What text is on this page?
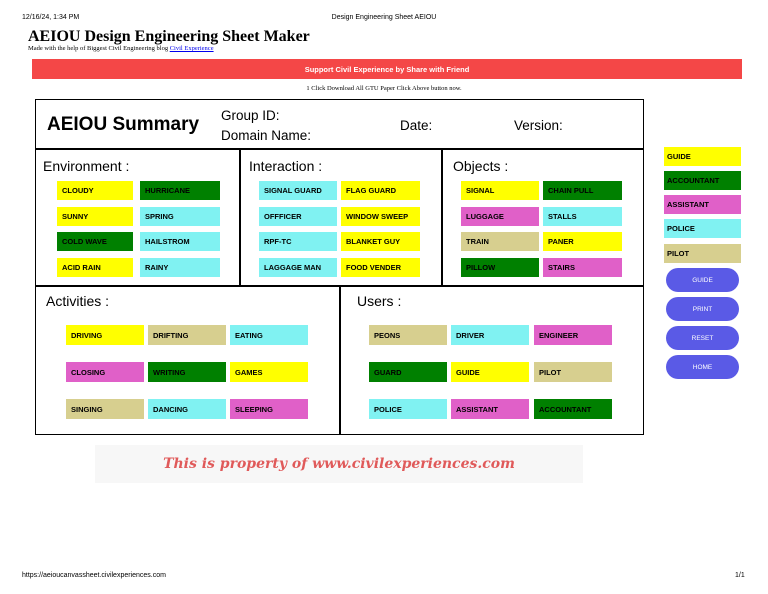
12/16/24, 1:34 PM	Design Engineering Sheet AEIOU
AEIOU Design Engineering Sheet Maker
Made with the help of Biggest Civil Engineering blog Civil Experience
Support Civil Experience by Share with Friend
1 Click Download All GTU Paper Click Above button now.
AEIOU Summary Group ID:
Domain Name:
Date:	Version:
Environment :	Interaction :	Objects :
Activities :	Users :
CLOUDY	HURRICANE
SUNNY	SPRING
COLD WAVE	HAILSTROM
ACID RAIN	RAINY
SIGNAL GUARD	FLAG GUARD
OFFFICER	WINDOW SWEEP
RPF-TC	BLANKET GUY
LAGGAGE MAN	FOOD VENDER
SIGNAL	CHAIN PULL
LUGGAGE	STALLS
TRAIN	PANER
PILLOW	STAIRS
DRIVING	DRIFTING	EATING
CLOSING	WRITING	GAMES
SINGING	DANCING	SLEEPING
PEONS	DRIVER	ENGINEER
GUARD	GUIDE	PILOT
POLICE	ASSISTANT	ACCOUNTANT
GUIDE
ACCOUNTANT
ASSISTANT
POLICE
PILOT
GUIDE
PRINT
RESET
HOME
This is property of www.civilexperiences.com
https://aeioucanvassheet.civilexperiences.com	1/1
